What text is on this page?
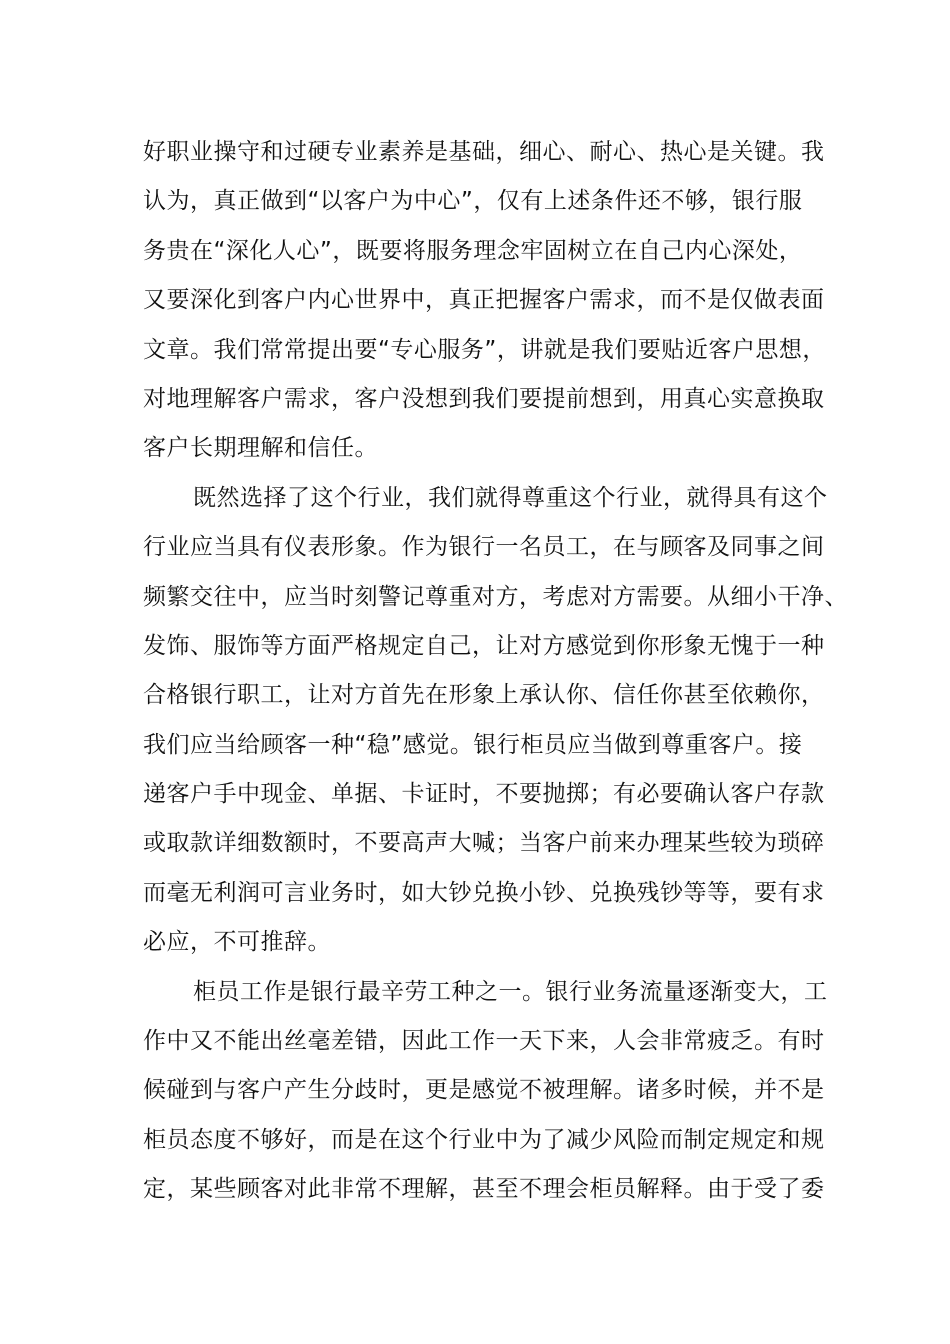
好职业操守和过硬专业素养是基础，细心、耐心、热心是关键。我
认为，真正做到“以客户为中心”，仅有上述条件还不够，银行服
务贵在“深化人心”，既要将服务理念牢固树立在自己内心深处，
又要深化到客户内心世界中，真正把握客户需求，而不是仅做表面
文章。我们常常提出要“专心服务”，讲就是我们要贴近客户思想，
对地理解客户需求，客户没想到我们要提前想到，用真心实意换取
客户长期理解和信任。
既然选择了这个行业，我们就得尊重这个行业，就得具有这个
行业应当具有仪表形象。作为银行一名员工，在与顾客及同事之间
频繁交往中，应当时刻警记尊重对方，考虑对方需要。从细小干净、
发饰、服饰等方面严格规定自己，让对方感觉到你形象无愧于一种
合格银行职工，让对方首先在形象上承认你、信任你甚至依赖你，
我们应当给顾客一种“稳”感觉。银行柜员应当做到尊重客户。接
递客户手中现金、单据、卡证时，不要抛掷；有必要确认客户存款
或取款详细数额时，不要高声大喊；当客户前来办理某些较为琐碎
而毫无利润可言业务时，如大钞兑换小钞、兑换残钞等等，要有求
必应，不可推辞。
柜员工作是银行最辛劳工种之一。银行业务流量逐渐变大，工
作中又不能出丝毫差错，因此工作一天下来，人会非常疲乏。有时
候碰到与客户产生分歧时，更是感觉不被理解。诸多时候，并不是
柜员态度不够好，而是在这个行业中为了减少风险而制定规定和规
定，某些顾客对此非常不理解，甚至不理会柜员解释。由于受了委
